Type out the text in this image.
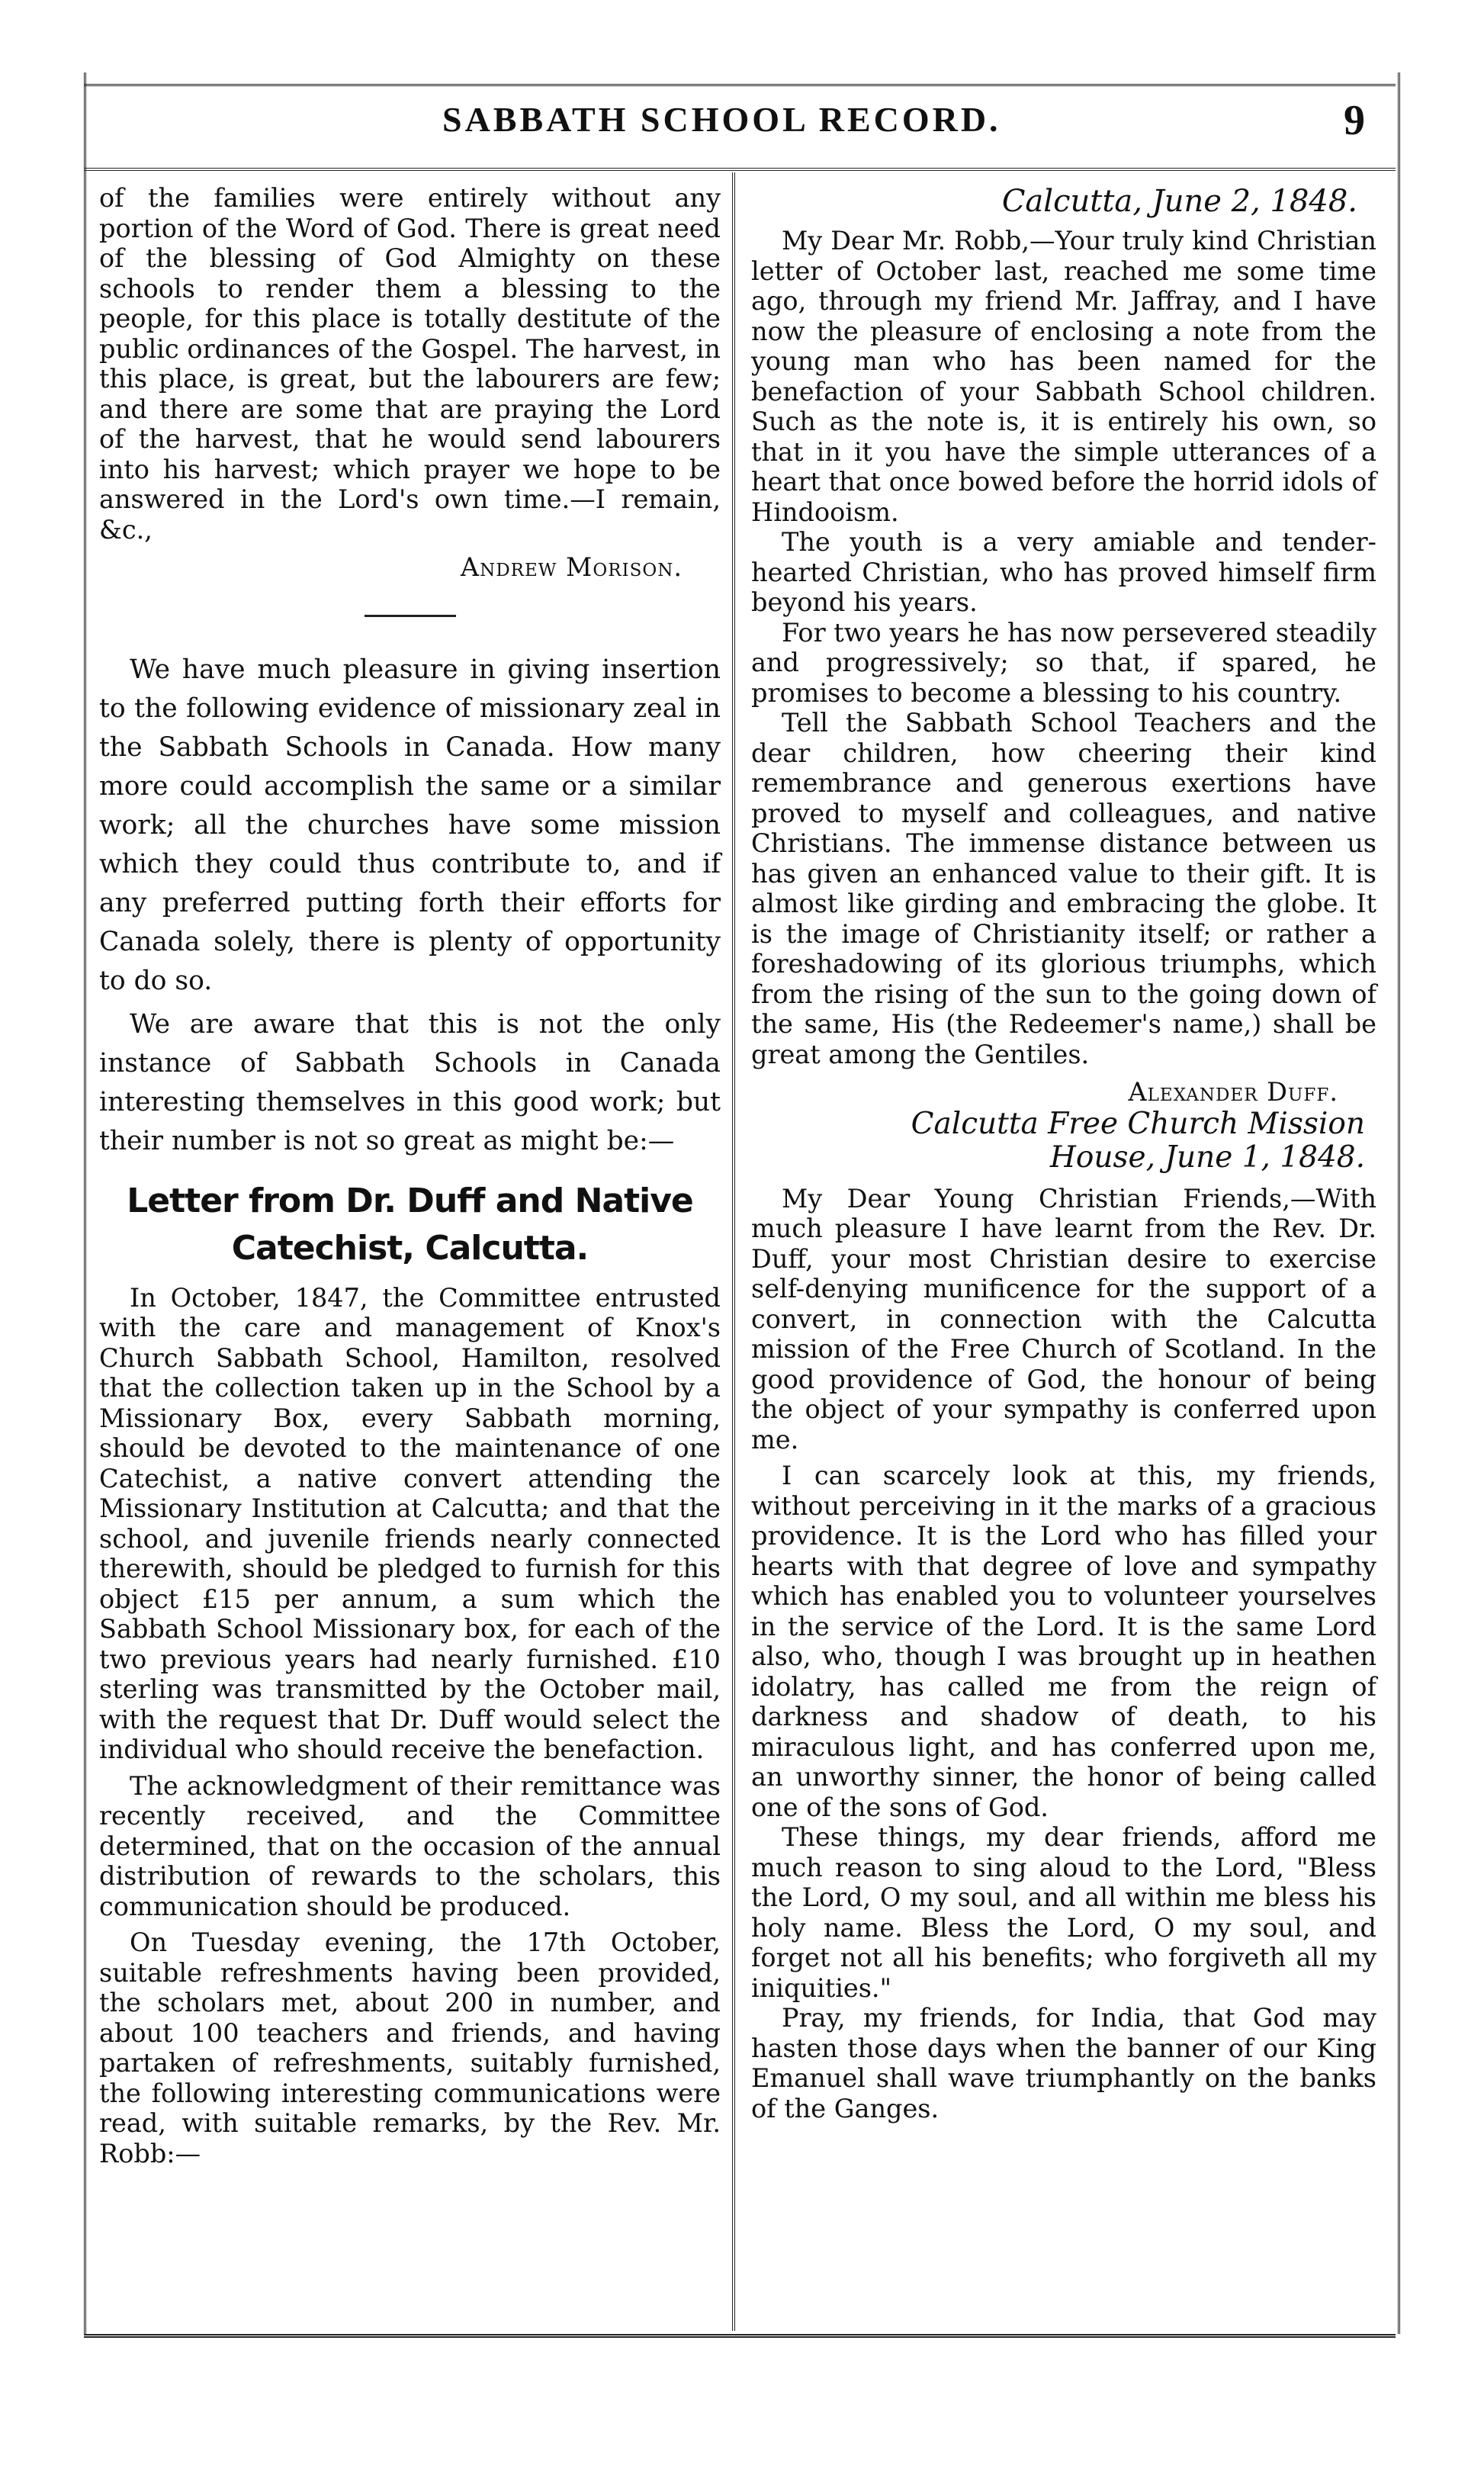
SABBATH SCHOOL RECORD.	9

of the families were entirely without any portion of the Word of God. There is great need of the blessing of God Almighty on these schools to render them a blessing to the people, for this place is totally destitute of the public ordinances of the Gospel. The harvest, in this place, is great, but the labourers are few; and there are some that are praying the Lord of the harvest, that he would send labourers into his harvest; which prayer we hope to be answered in the Lord's own time.—I remain, &c.,

Andrew Morison.

We have much pleasure in giving insertion to the following evidence of missionary zeal in the Sabbath Schools in Canada. How many more could accomplish the same or a similar work; all the churches have some mission which they could thus contribute to, and if any preferred putting forth their efforts for Canada solely, there is plenty of opportunity to do so.

We are aware that this is not the only instance of Sabbath Schools in Canada interesting themselves in this good work; but their number is not so great as might be:—

Letter from Dr. Duff and Native Catechist, Calcutta.

In October, 1847, the Committee entrusted with the care and management of Knox's Church Sabbath School, Hamilton, resolved that the collection taken up in the School by a Missionary Box, every Sabbath morning, should be devoted to the maintenance of one Catechist, a native convert attending the Missionary Institution at Calcutta; and that the school, and juvenile friends nearly connected therewith, should be pledged to furnish for this object £15 per annum, a sum which the Sabbath School Missionary box, for each of the two previous years had nearly furnished. £10 sterling was transmitted by the October mail, with the request that Dr. Duff would select the individual who should receive the benefaction.

The acknowledgment of their remittance was recently received, and the Committee determined, that on the occasion of the annual distribution of rewards to the scholars, this communication should be produced.

On Tuesday evening, the 17th October, suitable refreshments having been provided, the scholars met, about 200 in number, and about 100 teachers and friends, and having partaken of refreshments, suitably furnished, the following interesting communications were read, with suitable remarks, by the Rev. Mr. Robb:—

Calcutta, June 2, 1848.

My Dear Mr. Robb,—Your truly kind Christian letter of October last, reached me some time ago, through my friend Mr. Jaffray, and I have now the pleasure of enclosing a note from the young man who has been named for the benefaction of your Sabbath School children. Such as the note is, it is entirely his own, so that in it you have the simple utterances of a heart that once bowed before the horrid idols of Hindooism.

The youth is a very amiable and tender-hearted Christian, who has proved himself firm beyond his years.

For two years he has now persevered steadily and progressively; so that, if spared, he promises to become a blessing to his country.

Tell the Sabbath School Teachers and the dear children, how cheering their kind remembrance and generous exertions have proved to myself and colleagues, and native Christians. The immense distance between us has given an enhanced value to their gift. It is almost like girding and embracing the globe. It is the image of Christianity itself; or rather a foreshadowing of its glorious triumphs, which from the rising of the sun to the going down of the same, His (the Redeemer's name,) shall be great among the Gentiles.

Alexander Duff.

Calcutta Free Church Mission
House, June 1, 1848.

My Dear Young Christian Friends,—With much pleasure I have learnt from the Rev. Dr. Duff, your most Christian desire to exercise self-denying munificence for the support of a convert, in connection with the Calcutta mission of the Free Church of Scotland. In the good providence of God, the honour of being the object of your sympathy is conferred upon me.

I can scarcely look at this, my friends, without perceiving in it the marks of a gracious providence. It is the Lord who has filled your hearts with that degree of love and sympathy which has enabled you to volunteer yourselves in the service of the Lord. It is the same Lord also, who, though I was brought up in heathen idolatry, has called me from the reign of darkness and shadow of death, to his miraculous light, and has conferred upon me, an unworthy sinner, the honor of being called one of the sons of God.

These things, my dear friends, afford me much reason to sing aloud to the Lord, "Bless the Lord, O my soul, and all within me bless his holy name. Bless the Lord, O my soul, and forget not all his benefits; who forgiveth all my iniquities."

Pray, my friends, for India, that God may hasten those days when the banner of our King Emanuel shall wave triumphantly on the banks of the Ganges.
